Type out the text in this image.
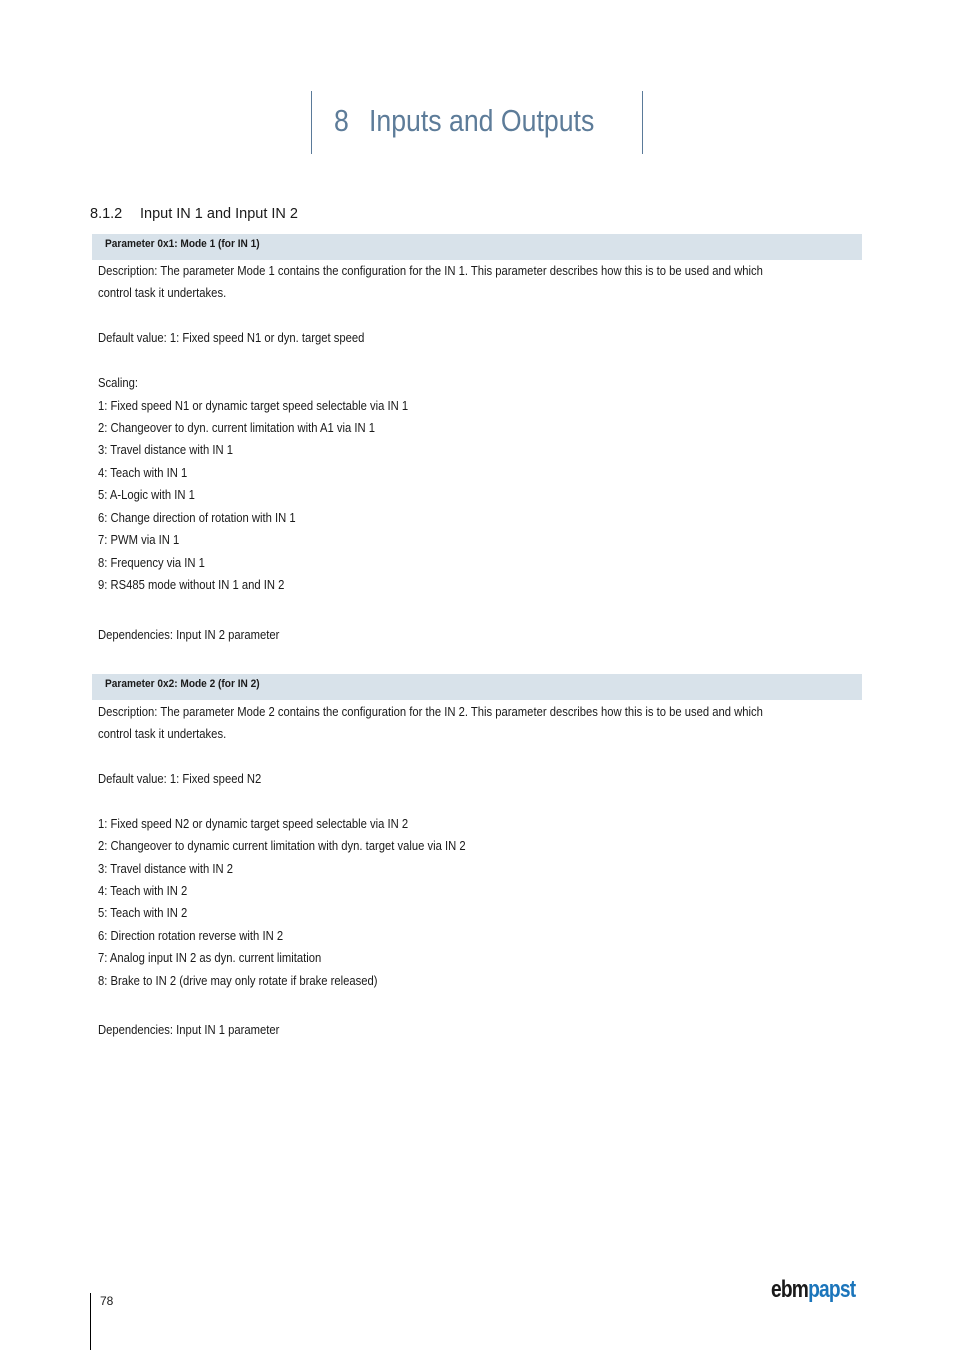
8 Inputs and Outputs
8.1.2 Input IN 1 and Input IN 2
Parameter 0x1: Mode 1 (for IN 1)
Description: The parameter Mode 1 contains the configuration for the IN 1. This parameter describes how this is to be used and which
control task it undertakes.
Default value: 1: Fixed speed N1 or dyn. target speed
Scaling:
1: Fixed speed N1 or dynamic target speed selectable via IN 1
2: Changeover to dyn. current limitation with A1 via IN 1
3: Travel distance with IN 1
4: Teach with IN 1
5: A-Logic with IN 1
6: Change direction of rotation with IN 1
7: PWM via IN 1
8: Frequency via IN 1
9: RS485 mode without IN 1 and IN 2
Dependencies: Input IN 2 parameter
Parameter 0x2: Mode 2 (for IN 2)
Description: The parameter Mode 2 contains the configuration for the IN 2. This parameter describes how this is to be used and which
control task it undertakes.
Default value: 1: Fixed speed N2
1: Fixed speed N2 or dynamic target speed selectable via IN 2
2: Changeover to dynamic current limitation with dyn. target value via IN 2
3: Travel distance with IN 2
4: Teach with IN 2
5: Teach with IN 2
6: Direction rotation reverse with IN 2
7: Analog input IN 2 as dyn. current limitation
8: Brake to IN 2 (drive may only rotate if brake released)
Dependencies: Input IN 1 parameter
78	ebmpapst
